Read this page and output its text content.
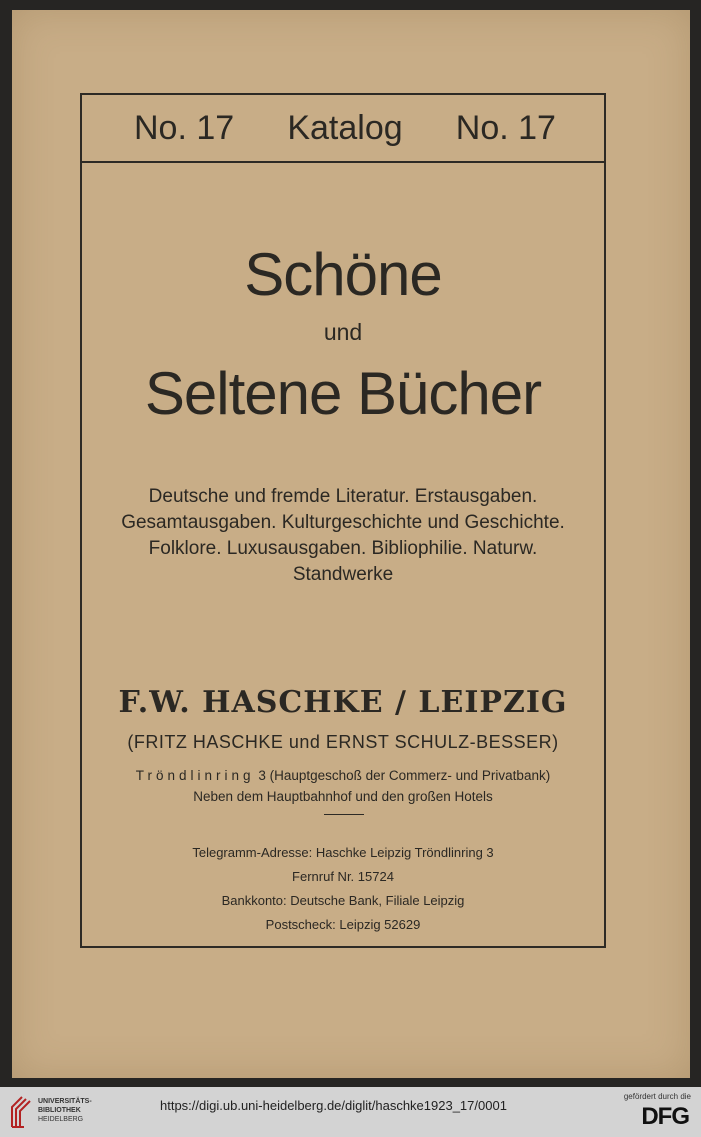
No. 17 Katalog No. 17
Schöne
und
Seltene Bücher
Deutsche und fremde Literatur. Erstausgaben.
Gesamtausgaben. Kulturgeschichte und Geschichte.
Folklore. Luxusausgaben. Bibliophilie. Naturw.
Standwerke
F.W. HASCHKE / LEIPZIG
(FRITZ HASCHKE und ERNST SCHULZ-BESSER)
Tröndlinring 3 (Hauptgeschoß der Commerz- und Privatbank)
Neben dem Hauptbahnhof und den großen Hotels
Telegramm-Adresse: Haschke Leipzig Tröndlinring 3
Fernruf Nr. 15724
Bankkonto: Deutsche Bank, Filiale Leipzig
Postscheck: Leipzig 52629
UNIVERSITÄTS-
BIBLIOTHEK
HEIDELBERG
https://digi.ub.uni-heidelberg.de/diglit/haschke1923_17/0001
gefördert durch die
DFG
